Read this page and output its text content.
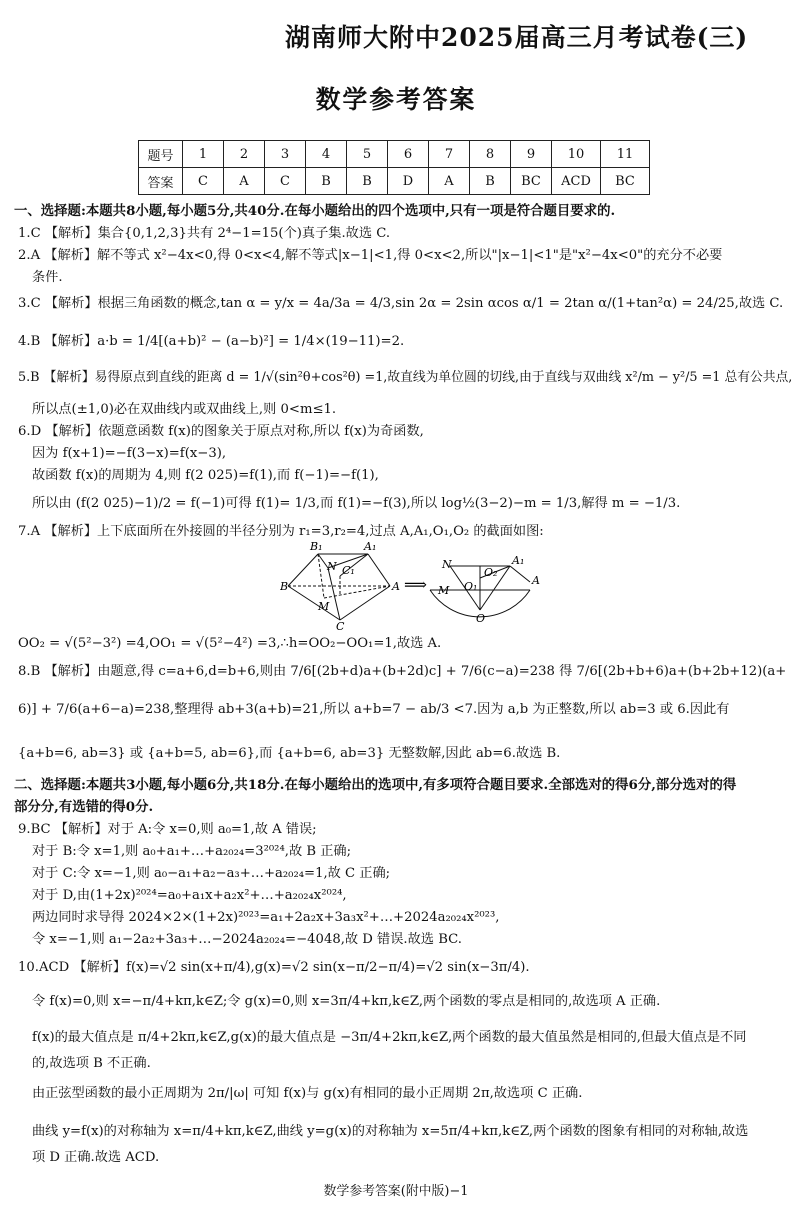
湖南师大附中2025届高三月考试卷(三)
数学参考答案
题号	1	2	3	4	5	6	7	8	9	10	11
答案	C	A	C	B	B	D	A	B	BC	ACD	BC
一、选择题:本题共8小题,每小题5分,共40分.在每小题给出的四个选项中,只有一项是符合题目要求的.
1.C 【解析】集合{0,1,2,3}共有 2⁴−1=15(个)真子集.故选 C.
2.A 【解析】解不等式 x²−4x<0,得 0<x<4,解不等式|x−1|<1,得 0<x<2,所以"|x−1|<1"是"x²−4x<0"的充分不必要
条件.
3.C 【解析】根据三角函数的概念,tan α = y/x = 4a/3a = 4/3,sin 2α = 2sin αcos α/1 = 2tan α/(1+tan²α) = 24/25,故选 C.
4.B 【解析】a·b = 1/4[(a+b)² − (a−b)²] = 1/4×(19−11)=2.
5.B 【解析】易得原点到直线的距离 d = 1/√(sin²θ+cos²θ) =1,故直线为单位圆的切线,由于直线与双曲线 x²/m − y²/5 =1 总有公共点,
所以点(±1,0)必在双曲线内或双曲线上,则 0<m≤1.
6.D 【解析】依题意函数 f(x)的图象关于原点对称,所以 f(x)为奇函数,
因为 f(x+1)=−f(3−x)=f(x−3),
故函数 f(x)的周期为 4,则 f(2 025)=f(1),而 f(−1)=−f(1),
所以由 (f(2 025)−1)/2 = f(−1)可得 f(1)= 1/3,而 f(1)=−f(3),所以 log½(3−2)−m = 1/3,解得 m = −1/3.
7.A 【解析】上下底面所在外接圆的半径分别为 r₁=3,r₂=4,过点 A,A₁,O₁,O₂ 的截面如图:
B₁	A₁
C₁
N
B	A
M
C
⟹
N
O₂
A₁
A
M O₁
O
OO₂ = √(5²−3²) =4,OO₁ = √(5²−4²) =3,∴h=OO₂−OO₁=1,故选 A.
8.B 【解析】由题意,得 c=a+6,d=b+6,则由 7/6[(2b+d)a+(b+2d)c] + 7/6(c−a)=238 得 7/6[(2b+b+6)a+(b+2b+12)(a+
6)] + 7/6(a+6−a)=238,整理得 ab+3(a+b)=21,所以 a+b=7 − ab/3 <7.因为 a,b 为正整数,所以 ab=3 或 6.因此有
{a+b=6, ab=3} 或 {a+b=5, ab=6},而 {a+b=6, ab=3} 无整数解,因此 ab=6.故选 B.
二、选择题:本题共3小题,每小题6分,共18分.在每小题给出的选项中,有多项符合题目要求.全部选对的得6分,部分选对的得
部分分,有选错的得0分.
9.BC 【解析】对于 A:令 x=0,则 a₀=1,故 A 错误;
对于 B:令 x=1,则 a₀+a₁+…+a₂₀₂₄=3²⁰²⁴,故 B 正确;
对于 C:令 x=−1,则 a₀−a₁+a₂−a₃+…+a₂₀₂₄=1,故 C 正确;
对于 D,由(1+2x)²⁰²⁴=a₀+a₁x+a₂x²+…+a₂₀₂₄x²⁰²⁴,
两边同时求导得 2024×2×(1+2x)²⁰²³=a₁+2a₂x+3a₃x²+…+2024a₂₀₂₄x²⁰²³,
令 x=−1,则 a₁−2a₂+3a₃+…−2024a₂₀₂₄=−4048,故 D 错误.故选 BC.
10.ACD 【解析】f(x)=√2 sin(x+π/4),g(x)=√2 sin(x−π/2−π/4)=√2 sin(x−3π/4).
令 f(x)=0,则 x=−π/4+kπ,k∈Z;令 g(x)=0,则 x=3π/4+kπ,k∈Z,两个函数的零点是相同的,故选项 A 正确.
f(x)的最大值点是 π/4+2kπ,k∈Z,g(x)的最大值点是 −3π/4+2kπ,k∈Z,两个函数的最大值虽然是相同的,但最大值点是不同
的,故选项 B 不正确.
由正弦型函数的最小正周期为 2π/|ω| 可知 f(x)与 g(x)有相同的最小正周期 2π,故选项 C 正确.
曲线 y=f(x)的对称轴为 x=π/4+kπ,k∈Z,曲线 y=g(x)的对称轴为 x=5π/4+kπ,k∈Z,两个函数的图象有相同的对称轴,故选
项 D 正确.故选 ACD.
数学参考答案(附中版)−1
